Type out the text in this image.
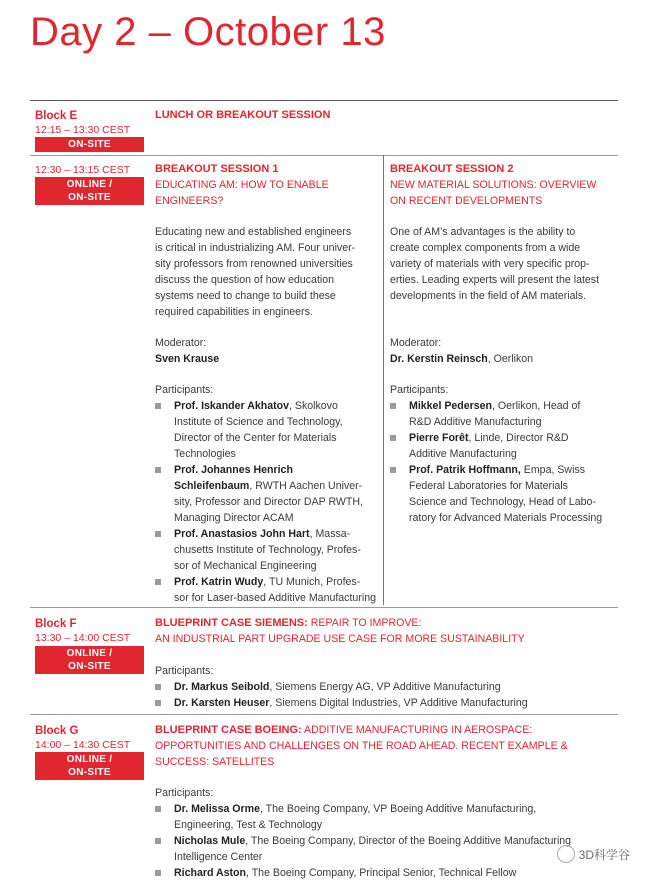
Day 2 – October 13
Block E
12:15 – 13:30 CEST
ON-SITE
LUNCH OR BREAKOUT SESSION
12:30 – 13:15 CEST
ONLINE /
ON-SITE
BREAKOUT SESSION 1
EDUCATING AM: HOW TO ENABLE
ENGINEERS?
Educating new and established engineers
is critical in industrializing AM. Four univer-
sity professors from renowned universities
discuss the question of how education
systems need to change to build these
required capabilities in engineers.
Moderator:
Sven Krause
Participants:
Prof. Iskander Akhatov, Skolkovo
Institute of Science and Technology,
Director of the Center for Materials
Technologies
Prof. Johannes Henrich
Schleifenbaum, RWTH Aachen Univer-
sity, Professor and Director DAP RWTH,
Managing Director ACAM
Prof. Anastasios John Hart, Massa-
chusetts Institute of Technology, Profes-
sor of Mechanical Engineering
Prof. Katrin Wudy, TU Munich, Profes-
sor for Laser-based Additive Manufacturing
BREAKOUT SESSION 2
NEW MATERIAL SOLUTIONS: OVERVIEW
ON RECENT DEVELOPMENTS
One of AM’s advantages is the ability to
create complex components from a wide
variety of materials with very specific prop-
erties. Leading experts will present the latest
developments in the field of AM materials.
Moderator:
Dr. Kerstin Reinsch, Oerlikon
Participants:
Mikkel Pedersen, Oerlikon, Head of
R&D Additive Manufacturing
Pierre Forêt, Linde, Director R&D
Additive Manufacturing
Prof. Patrik Hoffmann, Empa, Swiss
Federal Laboratories for Materials
Science and Technology, Head of Labo-
ratory for Advanced Materials Processing
Block F
13:30 – 14:00 CEST
ONLINE /
ON-SITE
BLUEPRINT CASE SIEMENS: REPAIR TO IMPROVE:
AN INDUSTRIAL PART UPGRADE USE CASE FOR MORE SUSTAINABILITY
Participants:
Dr. Markus Seibold, Siemens Energy AG, VP Additive Manufacturing
Dr. Karsten Heuser, Siemens Digital Industries, VP Additive Manufacturing
Block G
14:00 – 14:30 CEST
ONLINE /
ON-SITE
BLUEPRINT CASE BOEING: ADDITIVE MANUFACTURING IN AEROSPACE:
OPPORTUNITIES AND CHALLENGES ON THE ROAD AHEAD. RECENT EXAMPLE &
SUCCESS: SATELLITES
Participants:
Dr. Melissa Orme, The Boeing Company, VP Boeing Additive Manufacturing,
Engineering, Test & Technology
Nicholas Mule, The Boeing Company, Director of the Boeing Additive Manufacturing
Intelligence Center
Richard Aston, The Boeing Company, Principal Senior, Technical Fellow
3D科学谷
